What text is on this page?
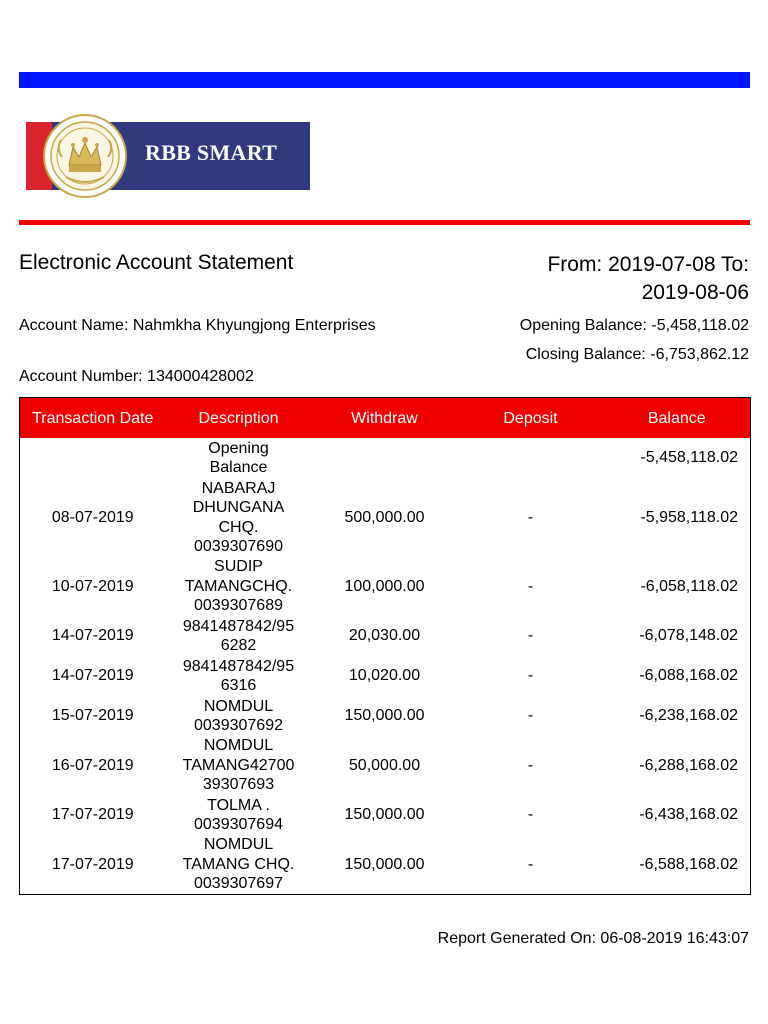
RBB SMART
Electronic Account Statement	From: 2019-07-08 To:
2019-08-06
Account Name: Nahmkha Khyungjong Enterprises
Account Number: 134000428002
Opening Balance: -5,458,118.02
Closing Balance: -6,753,862.12
Transaction Date	Description	Withdraw	Deposit	Balance
	Opening
Balance			-5,458,118.02
08-07-2019	NABARAJ
DHUNGANA
CHQ.
0039307690	500,000.00	-	-5,958,118.02
10-07-2019	SUDIP
TAMANGCHQ.
0039307689	100,000.00	-	-6,058,118.02
14-07-2019	9841487842/95
6282	20,030.00	-	-6,078,148.02
14-07-2019	9841487842/95
6316	10,020.00	-	-6,088,168.02
15-07-2019	NOMDUL
0039307692	150,000.00	-	-6,238,168.02
16-07-2019	NOMDUL
TAMANG42700
39307693	50,000.00	-	-6,288,168.02
17-07-2019	TOLMA .
0039307694	150,000.00	-	-6,438,168.02
17-07-2019	NOMDUL
TAMANG CHQ.
0039307697	150,000.00	-	-6,588,168.02
Report Generated On: 06-08-2019 16:43:07
